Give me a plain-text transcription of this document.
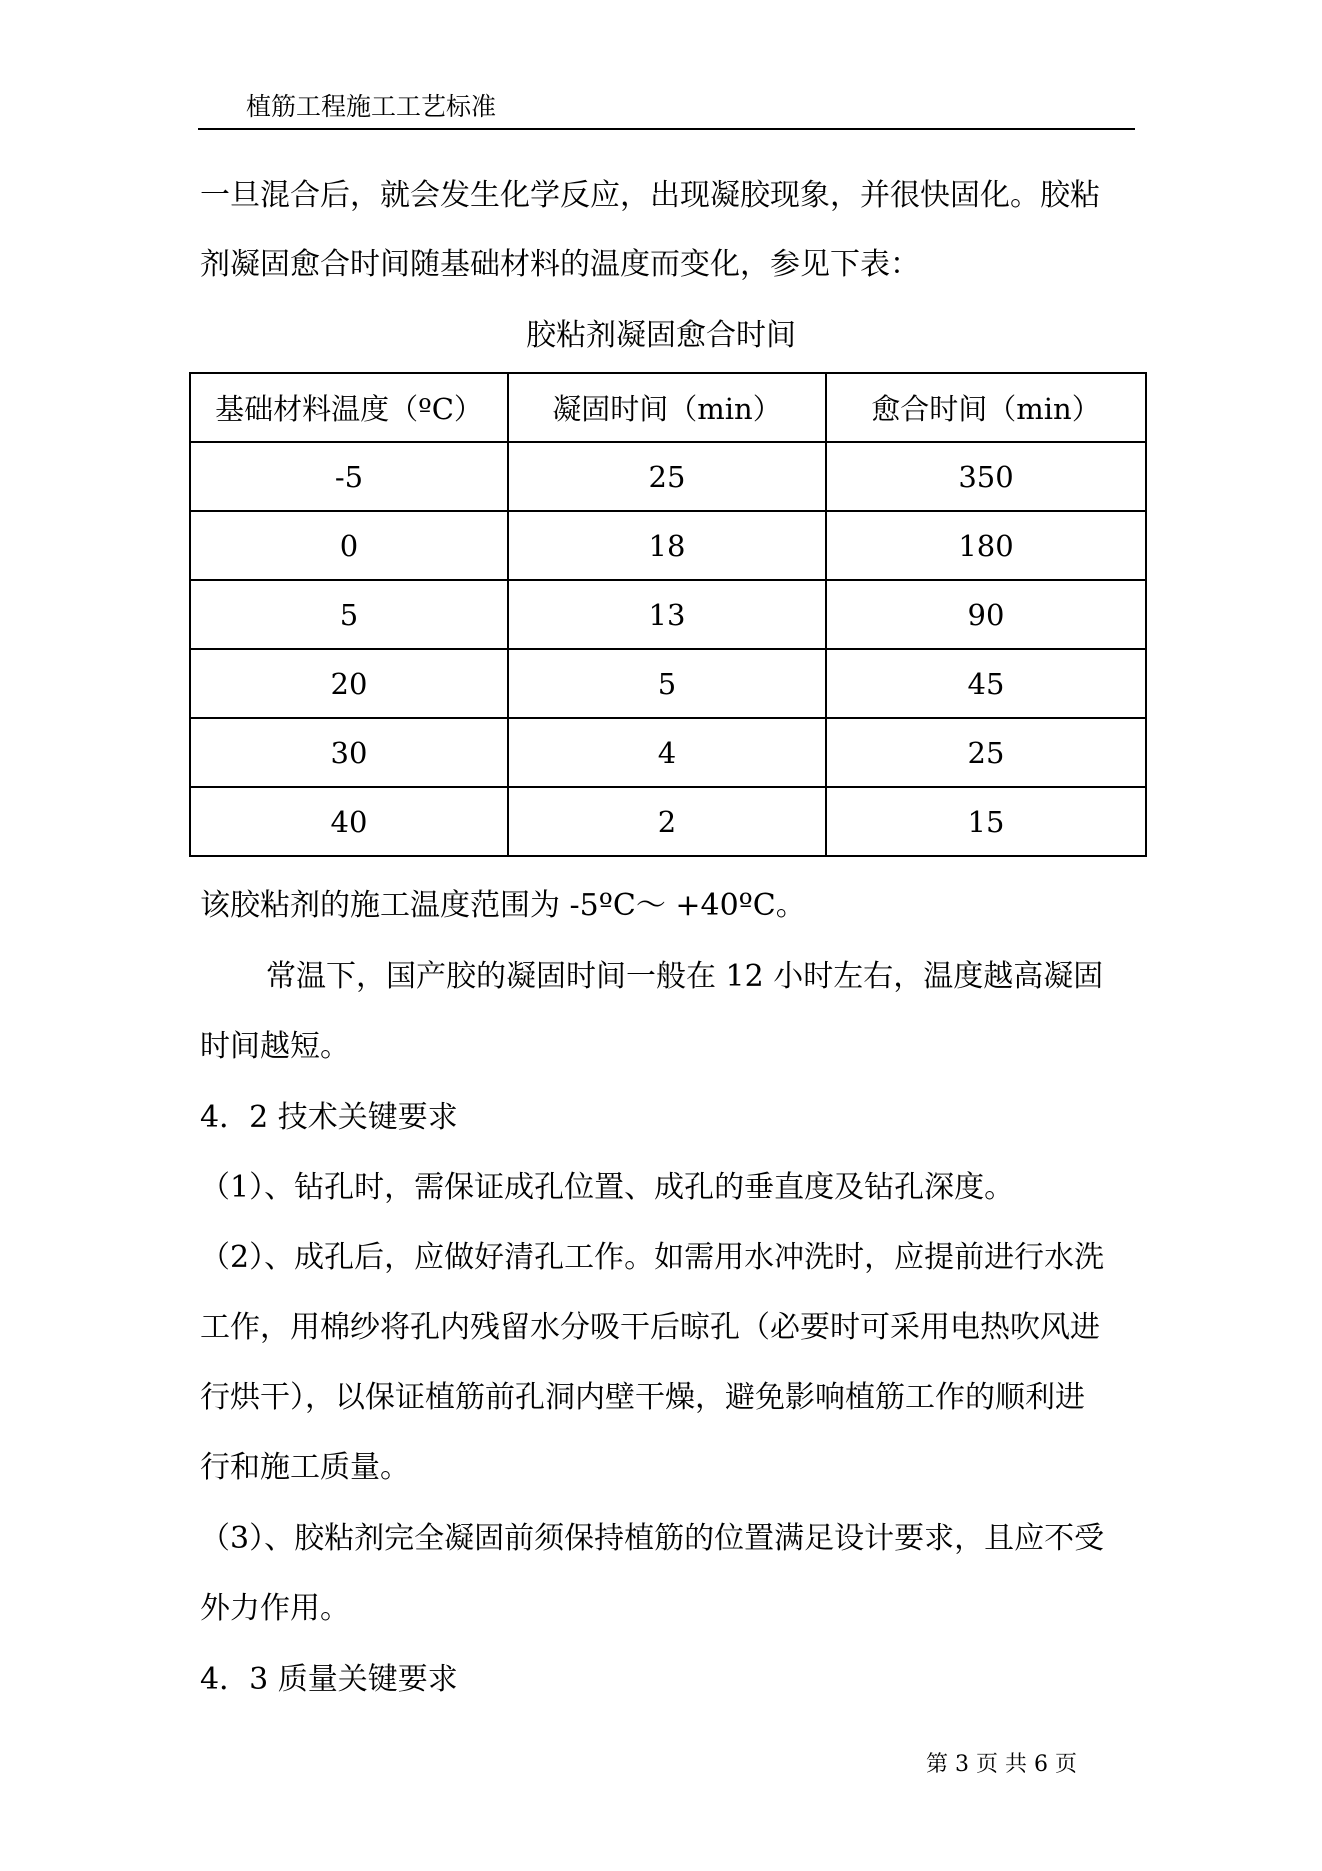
植筋工程施工工艺标准
一旦混合后，就会发生化学反应，出现凝胶现象，并很快固化。胶粘
剂凝固愈合时间随基础材料的温度而变化，参见下表：
胶粘剂凝固愈合时间
基础材料温度（ºC）	凝固时间（min）	愈合时间（min）
-5	25	350
0	18	180
5	13	90
20	5	45
30	4	25
40	2	15
该胶粘剂的施工温度范围为 -5ºC～ +40ºC。
常温下，国产胶的凝固时间一般在 12 小时左右，温度越高凝固
时间越短。
4．2 技术关键要求
（1）、钻孔时，需保证成孔位置、成孔的垂直度及钻孔深度。
（2）、成孔后，应做好清孔工作。如需用水冲洗时，应提前进行水洗
工作，用棉纱将孔内残留水分吸干后晾孔（必要时可采用电热吹风进
行烘干），以保证植筋前孔洞内壁干燥，避免影响植筋工作的顺利进
行和施工质量。
（3）、胶粘剂完全凝固前须保持植筋的位置满足设计要求，且应不受
外力作用。
4．3 质量关键要求
第 3 页 共 6 页
